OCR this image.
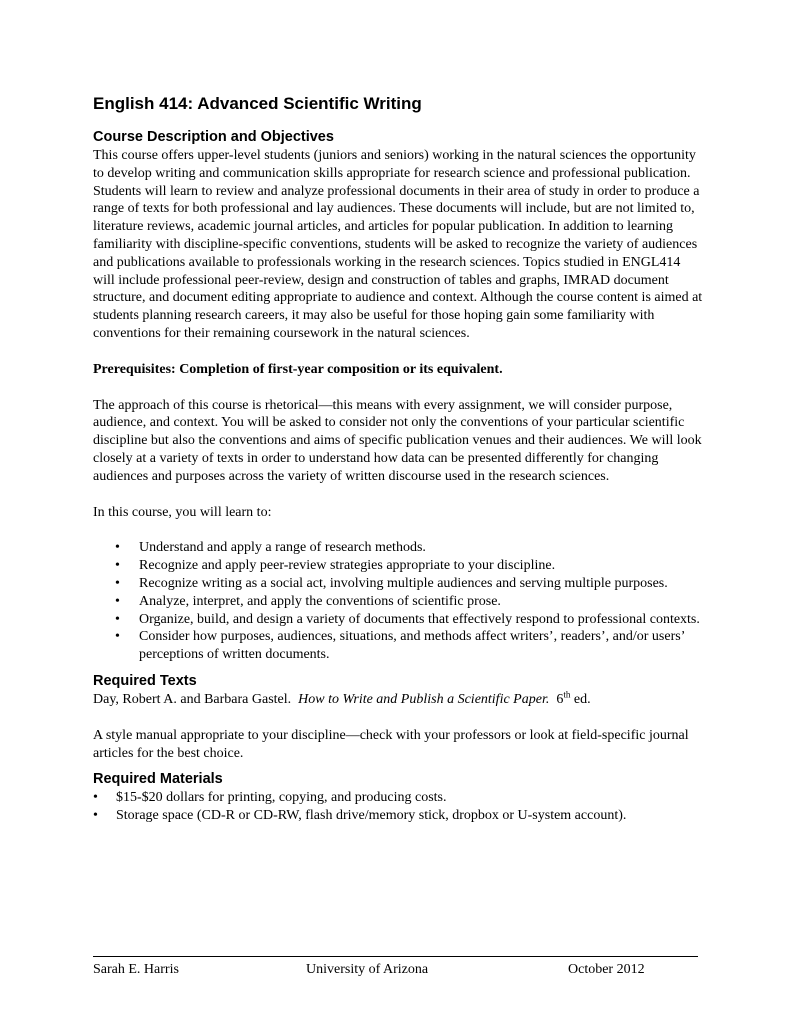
English 414: Advanced Scientific Writing
Course Description and Objectives

This course offers upper-level students (juniors and seniors) working in the natural sciences the opportunity to develop writing and communication skills appropriate for research science and professional publication. Students will learn to review and analyze professional documents in their area of study in order to produce a range of texts for both professional and lay audiences. These documents will include, but are not limited to, literature reviews, academic journal articles, and articles for popular publication. In addition to learning familiarity with discipline-specific conventions, students will be asked to recognize the variety of audiences and publications available to professionals working in the research sciences. Topics studied in ENGL414 will include professional peer-review, design and construction of tables and graphs, IMRAD document structure, and document editing appropriate to audience and context. Although the course content is aimed at students planning research careers, it may also be useful for those hoping gain some familiarity with conventions for their remaining coursework in the natural sciences.

Prerequisites: Completion of first-year composition or its equivalent.

The approach of this course is rhetorical—this means with every assignment, we will consider purpose, audience, and context. You will be asked to consider not only the conventions of your particular scientific discipline but also the conventions and aims of specific publication venues and their audiences. We will look closely at a variety of texts in order to understand how data can be presented differently for changing audiences and purposes across the variety of written discourse used in the research sciences.

In this course, you will learn to:

• Understand and apply a range of research methods.
• Recognize and apply peer-review strategies appropriate to your discipline.
• Recognize writing as a social act, involving multiple audiences and serving multiple purposes.
• Analyze, interpret, and apply the conventions of scientific prose.
• Organize, build, and design a variety of documents that effectively respond to professional contexts.
• Consider how purposes, audiences, situations, and methods affect writers’, readers’, and/or users’ perceptions of written documents.
Required Texts

Day, Robert A. and Barbara Gastel. How to Write and Publish a Scientific Paper. 6th ed.

A style manual appropriate to your discipline—check with your professors or look at field-specific journal articles for the best choice.

Required Materials
• $15-$20 dollars for printing, copying, and producing costs.
• Storage space (CD-R or CD-RW, flash drive/memory stick, dropbox or U-system account).
Sarah E. Harris	University of Arizona	October 2012
